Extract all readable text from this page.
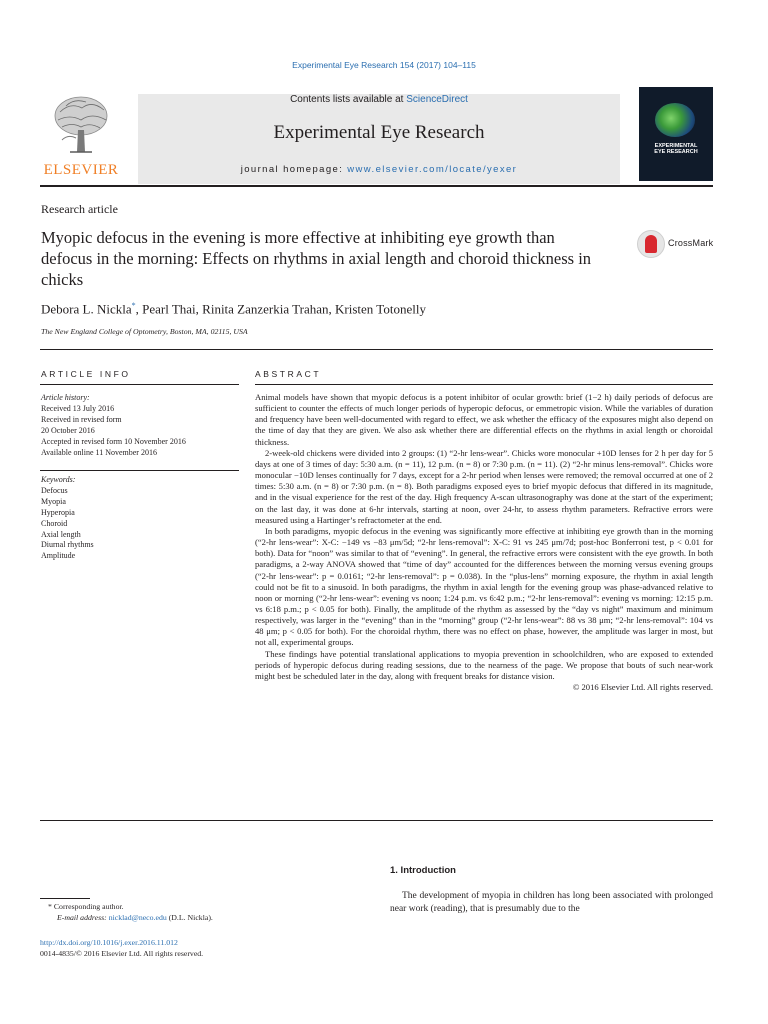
Experimental Eye Research 154 (2017) 104–115
ELSEVIER
Contents lists available at ScienceDirect
Experimental Eye Research
journal homepage: www.elsevier.com/locate/yexer
EXPERIMENTAL
EYE RESEARCH
Research article
Myopic defocus in the evening is more effective at inhibiting eye growth than defocus in the morning: Effects on rhythms in axial length and choroid thickness in chicks
CrossMark
Debora L. Nickla*, Pearl Thai, Rinita Zanzerkia Trahan, Kristen Totonelly
The New England College of Optometry, Boston, MA, 02115, USA
ARTICLE INFO
Article history:
Received 13 July 2016
Received in revised form
20 October 2016
Accepted in revised form 10 November 2016
Available online 11 November 2016
Keywords:
Defocus
Myopia
Hyperopia
Choroid
Axial length
Diurnal rhythms
Amplitude
ABSTRACT

Animal models have shown that myopic defocus is a potent inhibitor of ocular growth: brief (1−2 h) daily periods of defocus are sufficient to counter the effects of much longer periods of hyperopic defocus, or emmetropic vision. While the variables of duration and frequency have been well-documented with regard to effect, we ask whether the efficacy of the exposures might also depend on the time of day that they are given. We also ask whether there are differential effects on the rhythms in axial length or choroidal thickness.

2-week-old chickens were divided into 2 groups: (1) “2-hr lens-wear”. Chicks wore monocular +10D lenses for 2 h per day for 5 days at one of 3 times of day: 5:30 a.m. (n = 11), 12 p.m. (n = 8) or 7:30 p.m. (n = 11). (2) “2-hr minus lens-removal”. Chicks wore monocular −10D lenses continually for 7 days, except for a 2-hr period when lenses were removed; the removal occurred at one of 2 times: 5:30 a.m. (n = 8) or 7:30 p.m. (n = 8). Both paradigms exposed eyes to brief myopic defocus that differed in its magnitude, and in the visual experience for the rest of the day. High frequency A-scan ultrasonography was done at the start of the experiment; on the last day, it was done at 6-hr intervals, starting at noon, over 24-hr, to assess rhythm parameters. Refractive errors were measured using a Hartinger’s refractometer at the end.

In both paradigms, myopic defocus in the evening was significantly more effective at inhibiting eye growth than in the morning (“2-hr lens-wear”: X-C: −149 vs −83 μm/5d; “2-hr lens-removal”: X-C: 91 vs 245 μm/7d; post-hoc Bonferroni test, p < 0.01 for both). Data for “noon” was similar to that of “evening”. In general, the refractive errors were consistent with the eye growth. In both paradigms, a 2-way ANOVA showed that “time of day” accounted for the differences between the morning versus evening groups (“2-hr lens-wear”: p = 0.0161; “2-hr lens-removal”: p = 0.038). In the “plus-lens” morning exposure, the rhythm in axial length could not be fit to a sinusoid. In both paradigms, the rhythm in axial length for the evening group was phase-advanced relative to noon or morning (“2-hr lens-wear”: evening vs noon; 1:24 p.m. vs 6:42 p.m.; “2-hr lens-removal”: evening vs morning: 12:15 p.m. vs 6:18 p.m.; p < 0.05 for both). Finally, the amplitude of the rhythm as assessed by the “day vs night” maximum and minimum respectively, was larger in the “evening” than in the “morning” group (“2-hr lens-wear”: 88 vs 38 μm; “2-hr lens-removal”: 104 vs 48 μm; p < 0.05 for both). For the choroidal rhythm, there was no effect on phase, however, the amplitude was larger in most, but not all, experimental groups.

These findings have potential translational applications to myopia prevention in schoolchildren, who are exposed to extended periods of hyperopic defocus during reading sessions, due to the nearness of the page. We propose that bouts of such near-work might best be scheduled later in the day, along with frequent breaks for distance vision.

© 2016 Elsevier Ltd. All rights reserved.

1. Introduction

The development of myopia in children has long been associated with prolonged near work (reading), that is presumably due to the

* Corresponding author.
E-mail address: nicklad@neco.edu (D.L. Nickla).
http://dx.doi.org/10.1016/j.exer.2016.11.012
0014-4835/© 2016 Elsevier Ltd. All rights reserved.
